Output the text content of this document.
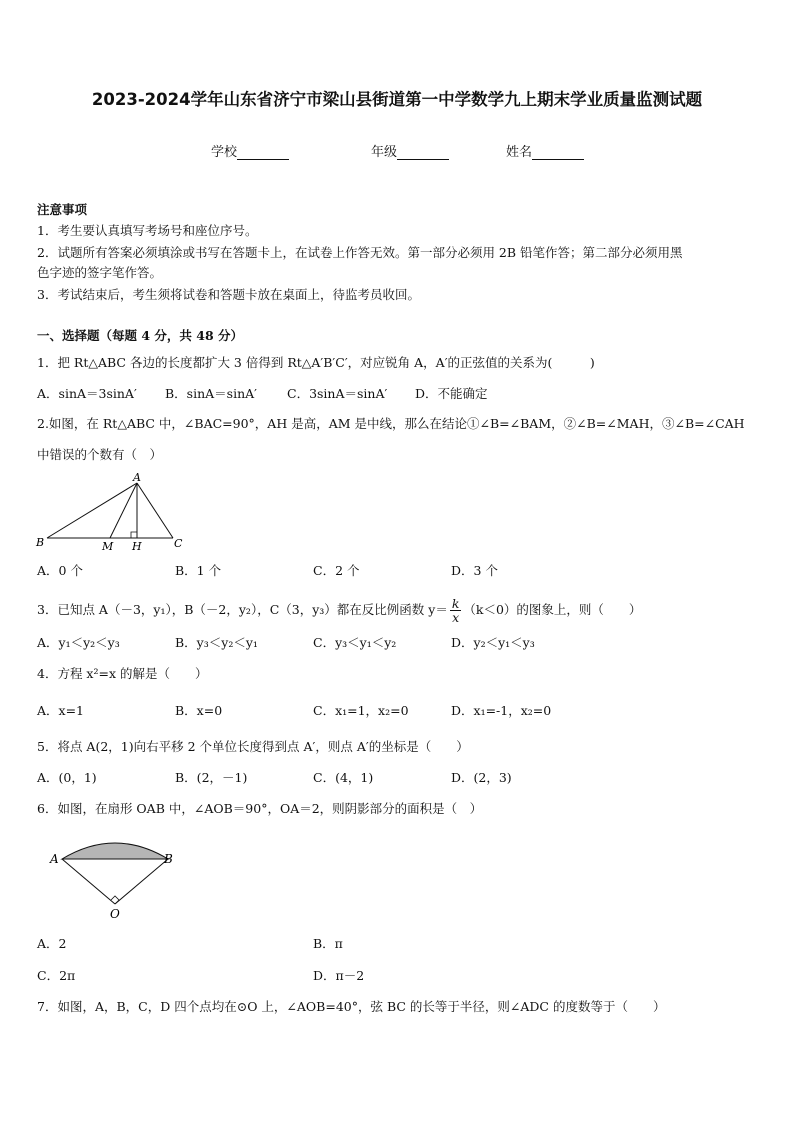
2023-2024学年山东省济宁市梁山县街道第一中学数学九上期末学业质量监测试题
学校	年级	姓名
注意事项
1．考生要认真填写考场号和座位序号。
2．试题所有答案必须填涂或书写在答题卡上，在试卷上作答无效。第一部分必须用 2B 铅笔作答；第二部分必须用黑
色字迹的签字笔作答。
3．考试结束后，考生须将试卷和答题卡放在桌面上，待监考员收回。
一、选择题（每题 4 分，共 48 分）
1．把 Rt△ABC 各边的长度都扩大 3 倍得到 Rt△A′B′C′，对应锐角 A，A′的正弦值的关系为(　　　)
A．sinA＝3sinA′ B．sinA＝sinA′ C．3sinA＝sinA′ D．不能确定
2.如图，在 Rt△ABC 中，∠BAC=90°，AH 是高，AM 是中线，那么在结论①∠B=∠BAM，②∠B=∠MAH，③∠B=∠CAH
中错误的个数有（　）
A
B	C
M H
A．0 个	B．1 个	C．2 个	D．3 个
3．已知点 A（－3，y₁），B（－2，y₂），C（3，y₃）都在反比例函数 $y= \frac{k}{x} (k<0)$的图象上，则（　　）
A．y₁＜y₂＜y₃	B．y₃＜y₂＜y₁	C．y₃＜y₁＜y₂	D．y₂＜y₁＜y₃
4．方程 x²=x 的解是（　　）
A．x=1	B．x=0	C．x₁=1，x₂=0	D．x₁=-1，x₂=0
5．将点 A(2，1)向右平移 2 个单位长度得到点 A′，则点 A′的坐标是（　　）
A．(0，1)	B．(2，－1)	C．(4，1)	D．(2，3)
6．如图，在扇形 OAB 中，∠AOB＝90°，OA＝2，则阴影部分的面积是（　）
A	B
O
A．2	B．π
C．2π	D．π－2
7．如图，A，B，C，D 四个点均在⊙O 上，∠AOB=40°，弦 BC 的长等于半径，则∠ADC 的度数等于（　　）
